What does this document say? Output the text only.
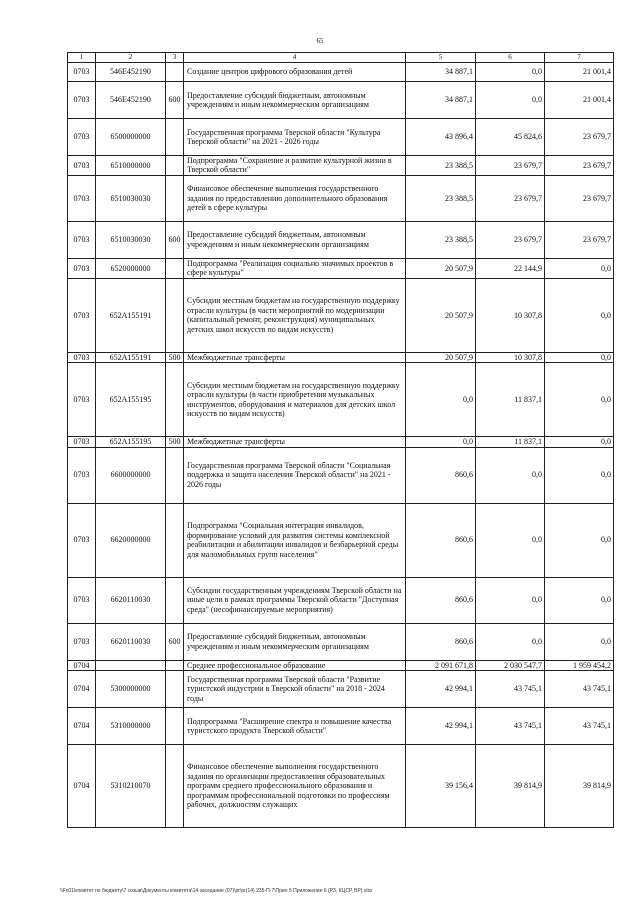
65
1	2	3	4	5	6	7
0703	546E452190		Создание центров цифрового образования детей	34 887,1	0,0	21 001,4
0703	546E452190	600	Предоставление субсидий бюджетным, автономным учреждениям и иным некоммерческим организациям	34 887,1	0,0	21 001,4
0703	6500000000		Государственная программа Тверской области "Культура Тверской области" на 2021 - 2026 годы	43 896,4	45 824,6	23 679,7
0703	6510000000		Подпрограмма "Сохранение и развитие культурной жизни в Тверской области"	23 388,5	23 679,7	23 679,7
0703	6510030030		Финансовое обеспечение выполнения государственного задания по предоставлению дополнительного образования детей в сфере культуры	23 388,5	23 679,7	23 679,7
0703	6510030030	600	Предоставление субсидий бюджетным, автономным учреждениям и иным некоммерческим организациям	23 388,5	23 679,7	23 679,7
0703	6520000000		Подпрограмма "Реализация социально значимых проектов в сфере культуры"	20 507,9	22 144,9	0,0
0703	652A155191		Субсидии местным бюджетам на государственную поддержку отрасли культуры (в части мероприятий по модернизации (капитальный ремонт, реконструкция) муниципальных детских школ искусств по видам искусств)	20 507,9	10 307,8	0,0
0703	652A155191	500	Межбюджетные трансферты	20 507,9	10 307,8	0,0
0703	652A155195		Субсидии местным бюджетам на государственную поддержку отрасли культуры (в части приобретения музыкальных инструментов, оборудования и материалов для детских школ искусств по видам искусств)	0,0	11 837,1	0,0
0703	652A155195	500	Межбюджетные трансферты	0,0	11 837,1	0,0
0703	6600000000		Государственная программа Тверской области "Социальная поддержка и защита населения Тверской области" на 2021 - 2026 годы	860,6	0,0	0,0
0703	6620000000		Подпрограмма "Социальная интеграция инвалидов, формирование условий для развития системы комплексной реабилитации и абилитации инвалидов и безбарьерной среды для маломобильных групп населения"	860,6	0,0	0,0
0703	6620110030		Субсидии государственным учреждениям Тверской области на иные цели в рамках программы Тверской области "Доступная среда" (несофинансируемые мероприятия)	860,6	0,0	0,0
0703	6620110030	600	Предоставление субсидий бюджетным, автономным учреждениям и иным некоммерческим организациям	860,6	0,0	0,0
0704			Среднее профессиональное образование	2 091 671,8	2 030 547,7	1 959 454,2
0704	5300000000		Государственная программа Тверской области "Развитие туристской индустрии в Тверской области" на 2018 - 2024 годы	42 994,1	43 745,1	43 745,1
0704	5310000000		Подпрограмма "Расширение спектра и повышение качества туристского продукта Тверской области"	42 994,1	43 745,1	43 745,1
0704	5310210070		Финансовое обеспечение выполнения государственного задания по организации предоставления образовательных программ среднего профессионального образования и программам профессиональной подготовки по профессиям рабочих, должностям служащих	39 156,4	39 814,9	39 814,9
\\Fs01\комитет по бюджету\7 созыв\Документы комитета\14 заседание (07)\pr\pr(14) 235-П-7\Прил 5 Приложение 6 (РЗ, КЦСР, ВР).xlsx
